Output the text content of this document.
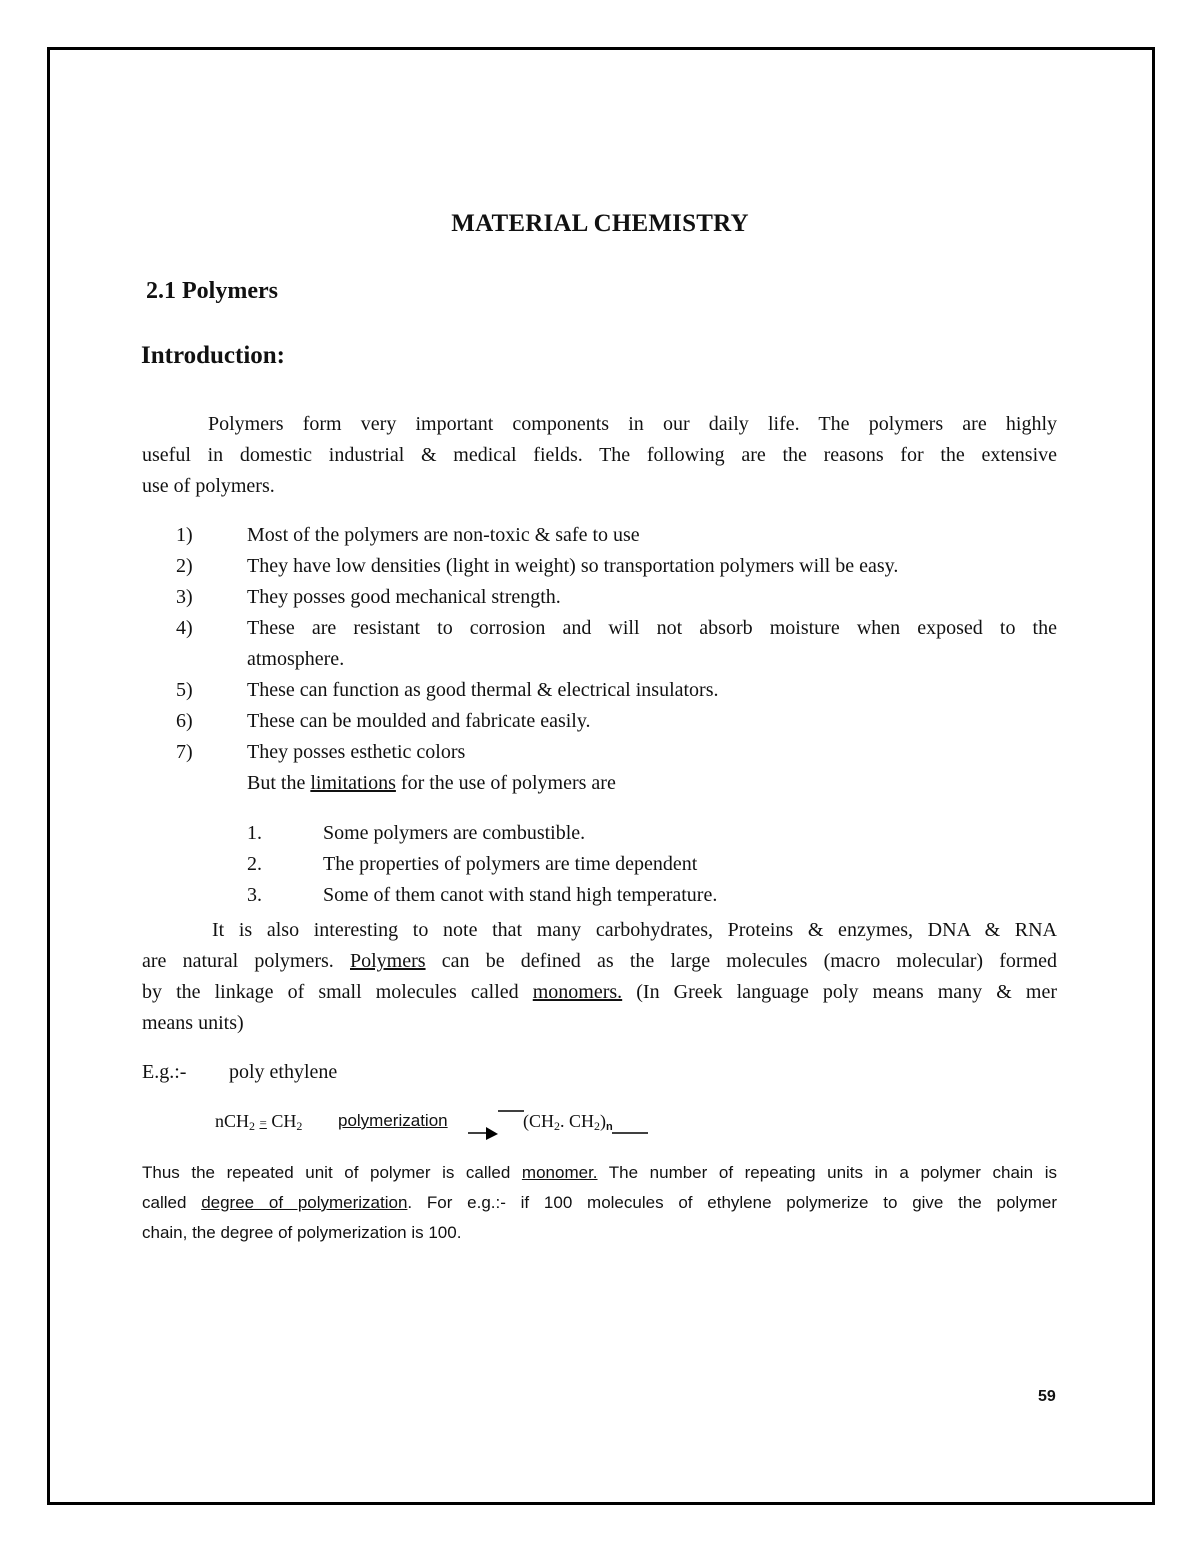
MATERIAL CHEMISTRY
2.1 Polymers
Introduction:
Polymers form very important components in our daily life. The polymers are highly
useful in domestic industrial & medical fields. The following are the reasons for the extensive
use of polymers.
1)	Most of the polymers are non-toxic & safe to use
2)	They have low densities (light in weight) so transportation polymers will be easy.
3)	They posses good mechanical strength.
4)	These are resistant to corrosion and will not absorb moisture when exposed to the
atmosphere.
5)	These can function as good thermal & electrical insulators.
6)	These can be moulded and fabricate easily.
7)	They posses esthetic colors
But the limitations for the use of polymers are
1.	Some polymers are combustible.
2.	The properties of polymers are time dependent
3.	Some of them canot with stand high temperature.
It is also interesting to note that many carbohydrates, Proteins & enzymes, DNA & RNA
are natural polymers. Polymers can be defined as the large molecules (macro molecular) formed
by the linkage of small molecules called monomers. (In Greek language poly means many & mer
means units)
E.g.:- poly ethylene
$nCH_2 = CH_2$ polymerization	($CH_2$. $CH_2)_n$
Thus the repeated unit of polymer is called monomer. The number of repeating units in a polymer chain is
called degree of polymerization. For e.g.:- if 100 molecules of ethylene polymerize to give the polymer
chain, the degree of polymerization is 100.
59
